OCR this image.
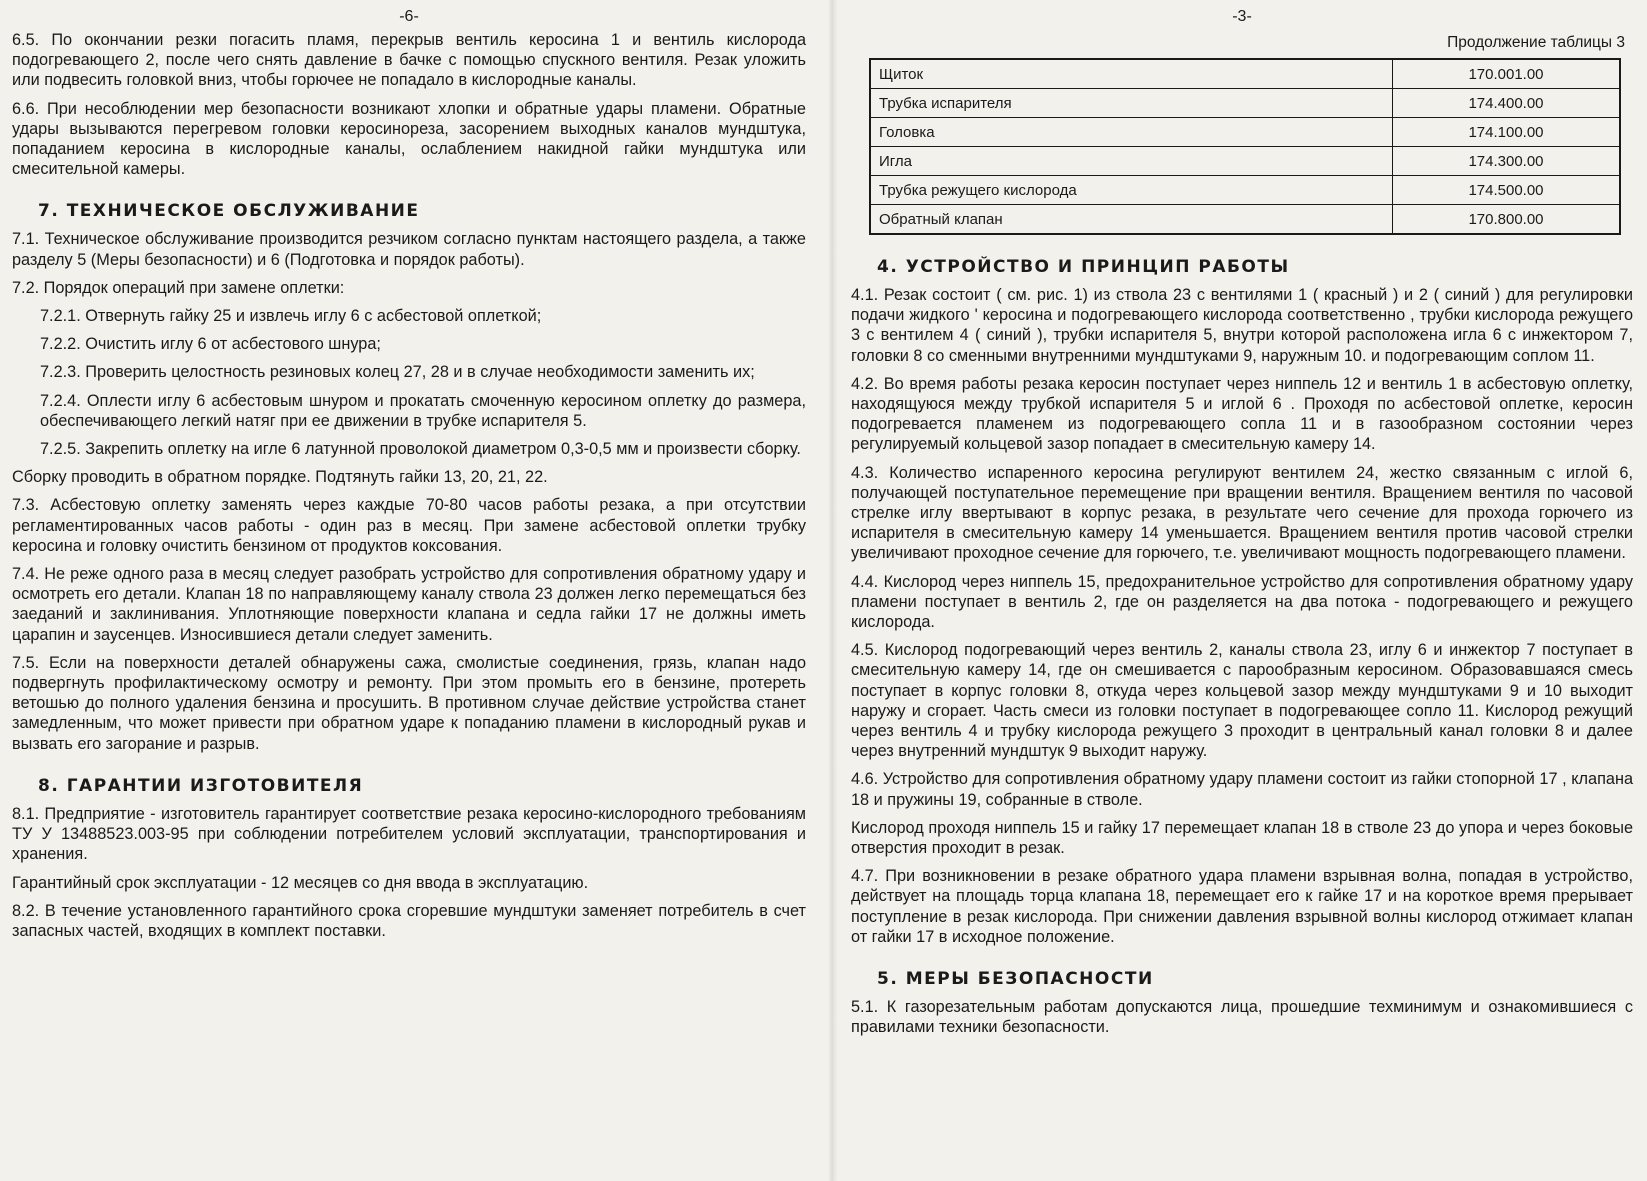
-6-

6.5. По окончании резки погасить пламя, перекрыв вентиль керосина 1 и вентиль кислорода подогревающего 2, после чего снять давление в бачке с помощью спускного вентиля. Резак уложить или подвесить головкой вниз, чтобы горючее не попадало в кислородные каналы.

6.6. При несоблюдении мер безопасности возникают хлопки и обратные удары пламени. Обратные удары вызываются перегревом головки керосинореза, засорением выходных каналов мундштука, попаданием керосина в кислородные каналы, ослаблением накидной гайки мундштука или смесительной камеры.

7. ТЕХНИЧЕСКОЕ ОБСЛУЖИВАНИЕ

7.1. Техническое обслуживание производится резчиком согласно пунктам настоящего раздела, а также разделу 5 (Меры безопасности) и 6 (Подготовка и порядок работы).

7.2. Порядок операций при замене оплетки:

7.2.1. Отвернуть гайку 25 и извлечь иглу 6 с асбестовой оплеткой;

7.2.2. Очистить иглу 6 от асбестового шнура;

7.2.3. Проверить целостность резиновых колец 27, 28 и в случае необходимости заменить их;

7.2.4. Оплести иглу 6 асбестовым шнуром и прокатать смоченную керосином оплетку до размера, обеспечивающего легкий натяг при ее движении в трубке испарителя 5.

7.2.5. Закрепить оплетку на игле 6 латунной проволокой диаметром 0,3-0,5 мм и произвести сборку.

Сборку проводить в обратном порядке. Подтянуть гайки 13, 20, 21, 22.

7.3. Асбестовую оплетку заменять через каждые 70-80 часов работы резака, а при отсутствии регламентированных часов работы - один раз в месяц. При замене асбестовой оплетки трубку керосина и головку очистить бензином от продуктов коксования.

7.4. Не реже одного раза в месяц следует разобрать устройство для сопротивления обратному удару и осмотреть его детали. Клапан 18 по направляющему каналу ствола 23 должен легко перемещаться без заеданий и заклинивания. Уплотняющие поверхности клапана и седла гайки 17 не должны иметь царапин и заусенцев. Износившиеся детали следует заменить.

7.5. Если на поверхности деталей обнаружены сажа, смолистые соединения, грязь, клапан надо подвергнуть профилактическому осмотру и ремонту. При этом промыть его в бензине, протереть ветошью до полного удаления бензина и просушить. В противном случае действие устройства станет замедленным, что может привести при обратном ударе к попаданию пламени в кислородный рукав и вызвать его загорание и разрыв.

8. ГАРАНТИИ ИЗГОТОВИТЕЛЯ

8.1. Предприятие - изготовитель гарантирует соответствие резака керосино-кислородного требованиям ТУ У 13488523.003-95 при соблюдении потребителем условий эксплуатации, транспортирования и хранения.

Гарантийный срок эксплуатации - 12 месяцев со дня ввода в эксплуатацию.

8.2. В течение установленного гарантийного срока сгоревшие мундштуки заменяет потребитель в счет запасных частей, входящих в комплект поставки.

-3-
Продолжение таблицы 3
Щиток	170.001.00
Трубка испарителя	174.400.00
Головка	174.100.00
Игла	174.300.00
Трубка режущего кислорода	174.500.00
Обратный клапан	170.800.00
4. УСТРОЙСТВО И ПРИНЦИП РАБОТЫ

4.1. Резак состоит ( см. рис. 1) из ствола 23 с вентилями 1 ( красный ) и 2 ( синий ) для регулировки подачи жидкого ' керосина и подогревающего кислорода соответственно , трубки кислорода режущего 3 с вентилем 4 ( синий ), трубки испарителя 5, внутри которой расположена игла 6 с инжектором 7, головки 8 со сменными внутренними мундштуками 9, наружным 10. и подогревающим соплом 11.

4.2. Во время работы резака керосин поступает через ниппель 12 и вентиль 1 в асбестовую оплетку, находящуюся между трубкой испарителя 5 и иглой 6 . Проходя по асбестовой оплетке, керосин подогревается пламенем из подогревающего сопла 11 и в газообразном состоянии через регулируемый кольцевой зазор попадает в смесительную камеру 14.

4.3. Количество испаренного керосина регулируют вентилем 24, жестко связанным с иглой 6, получающей поступательное перемещение при вращении вентиля. Вращением вентиля по часовой стрелке иглу ввертывают в корпус резака, в результате чего сечение для прохода горючего из испарителя в смесительную камеру 14 уменьшается. Вращением вентиля против часовой стрелки увеличивают проходное сечение для горючего, т.е. увеличивают мощность подогревающего пламени.

4.4. Кислород через ниппель 15, предохранительное устройство для сопротивления обратному удару пламени поступает в вентиль 2, где он разделяется на два потока - подогревающего и режущего кислорода.

4.5. Кислород подогревающий через вентиль 2, каналы ствола 23, иглу 6 и инжектор 7 поступает в смесительную камеру 14, где он смешивается с парообразным керосином. Образовавшаяся смесь поступает в корпус головки 8, откуда через кольцевой зазор между мундштуками 9 и 10 выходит наружу и сгорает. Часть смеси из головки поступает в подогревающее сопло 11. Кислород режущий через вентиль 4 и трубку кислорода режущего 3 проходит в центральный канал головки 8 и далее через внутренний мундштук 9 выходит наружу.

4.6. Устройство для сопротивления обратному удару пламени состоит из гайки стопорной 17 , клапана 18 и пружины 19, собранные в стволе.

Кислород проходя ниппель 15 и гайку 17 перемещает клапан 18 в стволе 23 до упора и через боковые отверстия проходит в резак.

4.7. При возникновении в резаке обратного удара пламени взрывная волна, попадая в устройство, действует на площадь торца клапана 18, перемещает его к гайке 17 и на короткое время прерывает поступление в резак кислорода. При снижении давления взрывной волны кислород отжимает клапан от гайки 17 в исходное положение.

5. МЕРЫ БЕЗОПАСНОСТИ

5.1. К газорезательным работам допускаются лица, прошедшие техминимум и ознакомившиеся с правилами техники безопасности.
